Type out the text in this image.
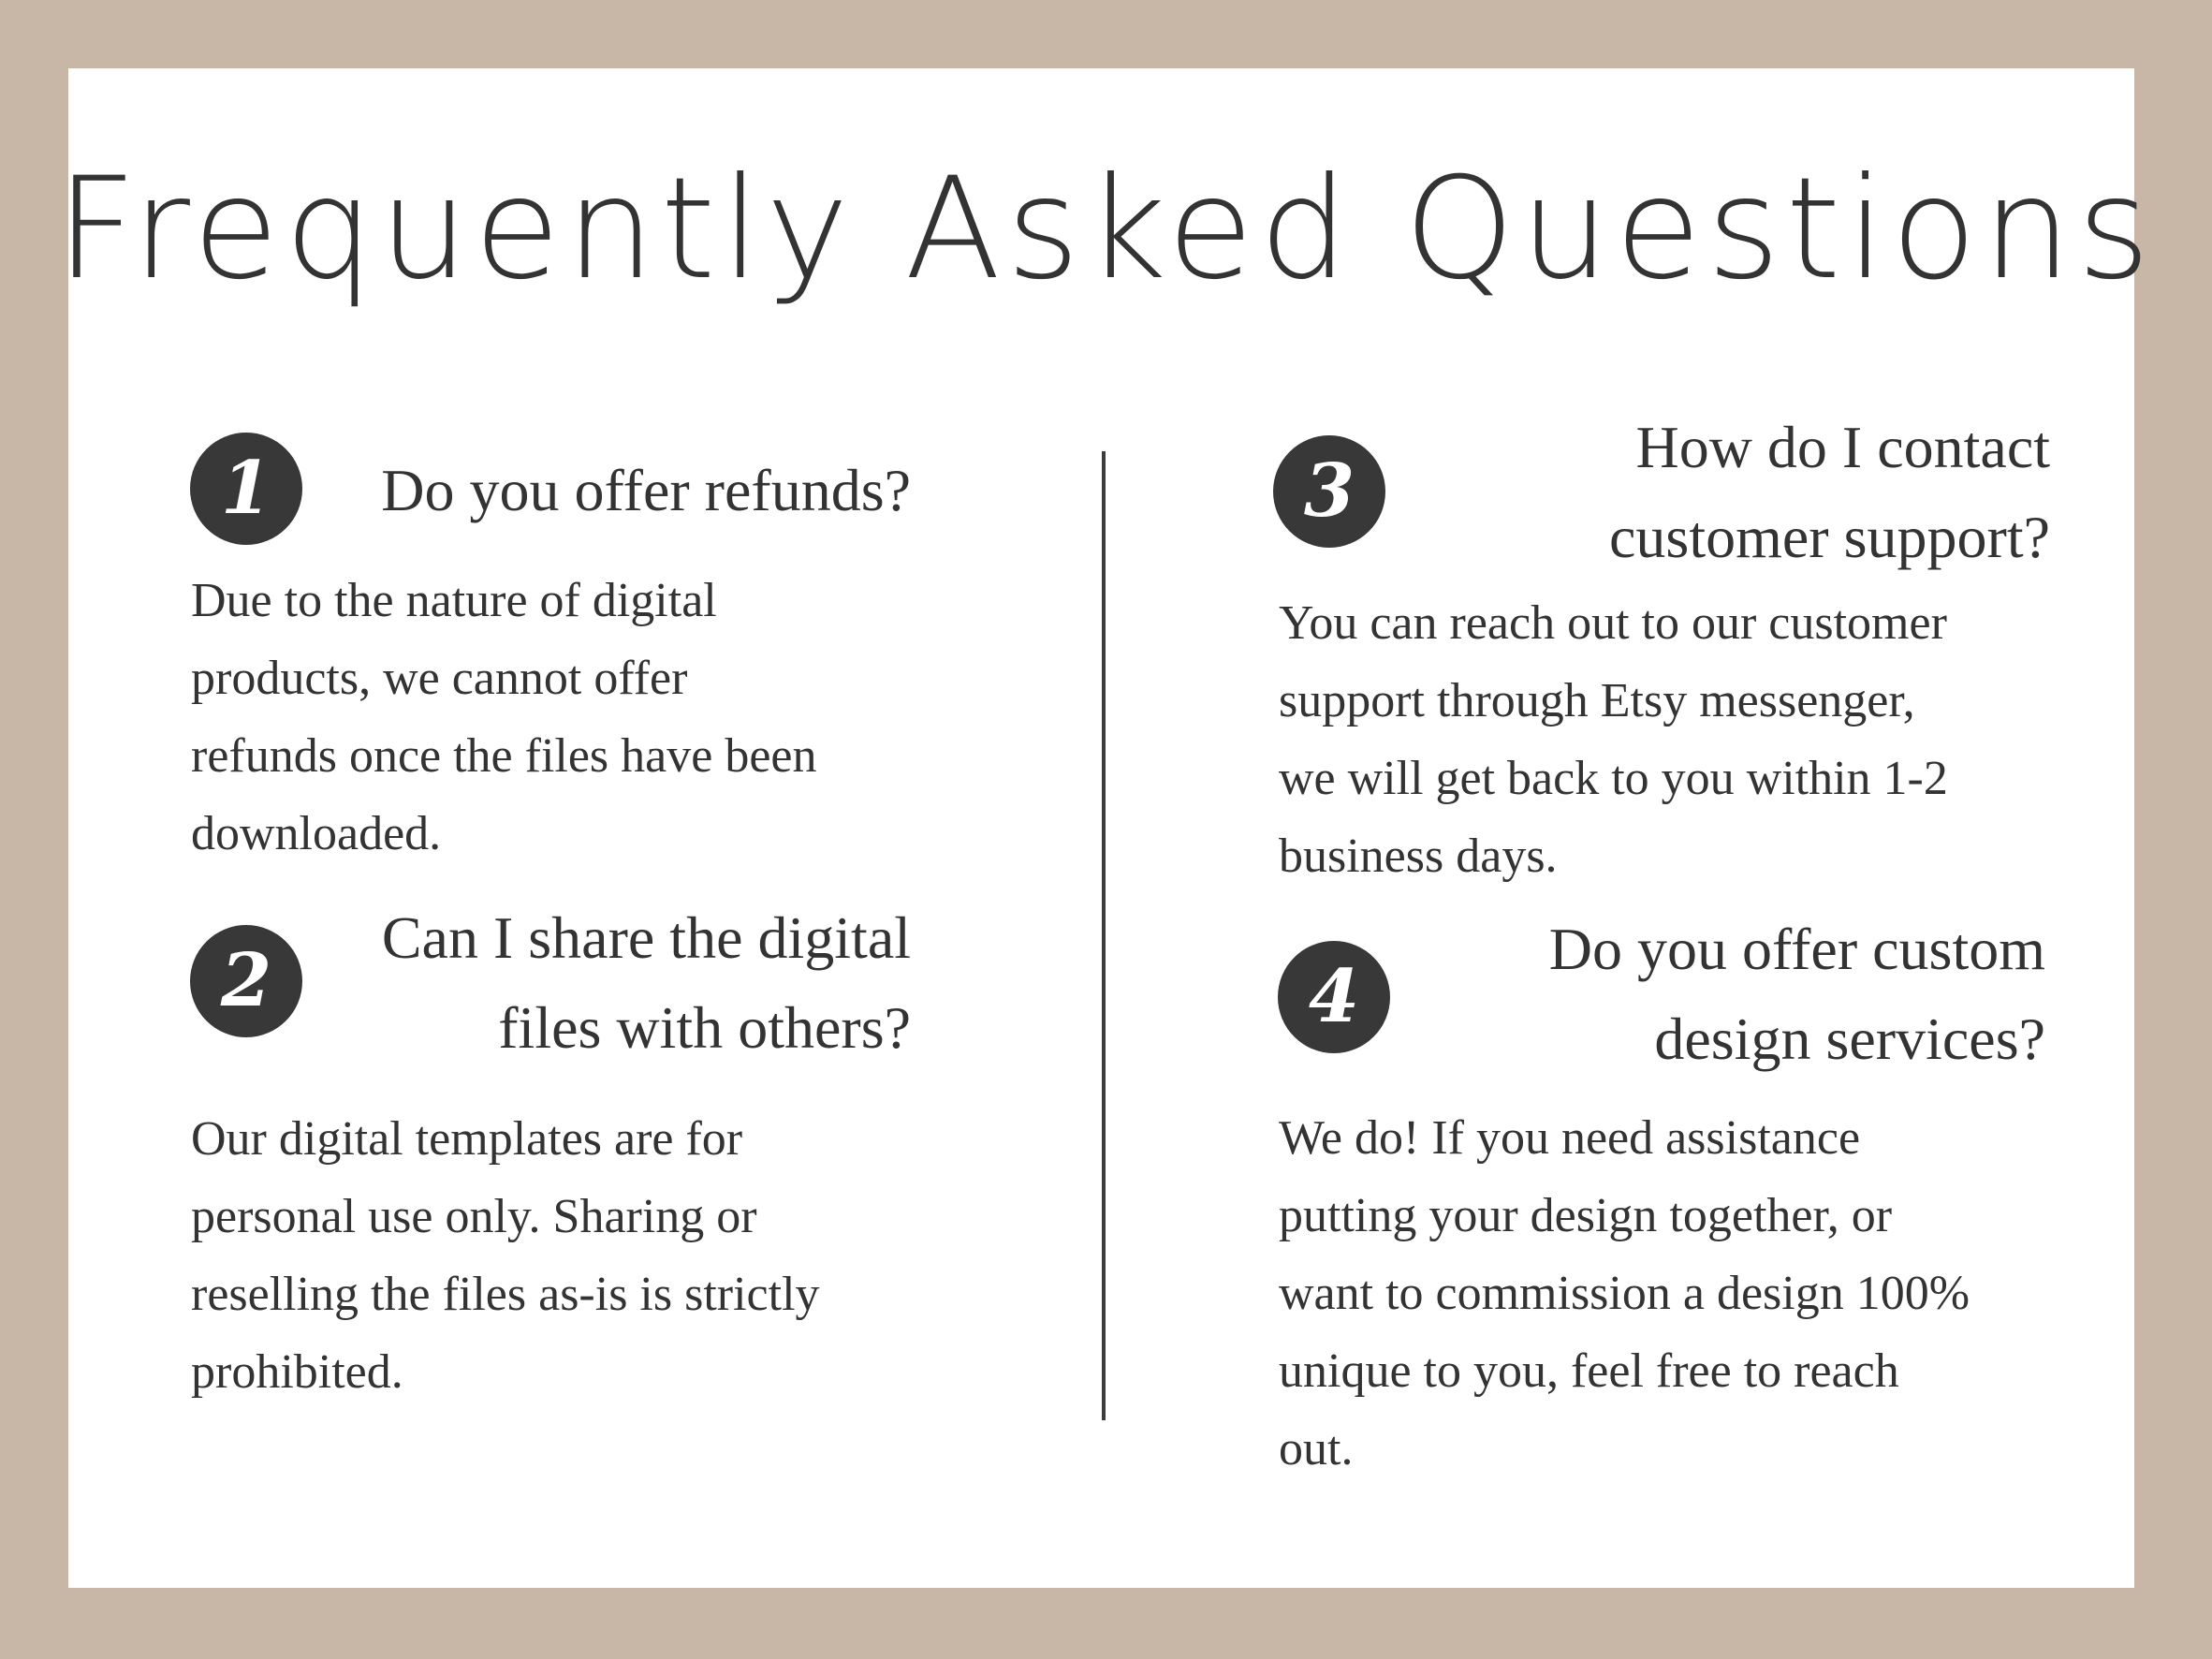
Frequently Asked Questions
1	Do you offer refunds?

Due to the nature of digital
products, we cannot offer
refunds once the files have been
downloaded.

2

Can I share the digital
files with others?

Our digital templates are for
personal use only. Sharing or
reselling the files as-is is strictly
prohibited.

3

How do I contact
customer support?

You can reach out to our customer
support through Etsy messenger,
we will get back to you within 1-2
business days.

4

Do you offer custom
design services?

We do! If you need assistance
putting your design together, or
want to commission a design 100%
unique to you, feel free to reach
out.
